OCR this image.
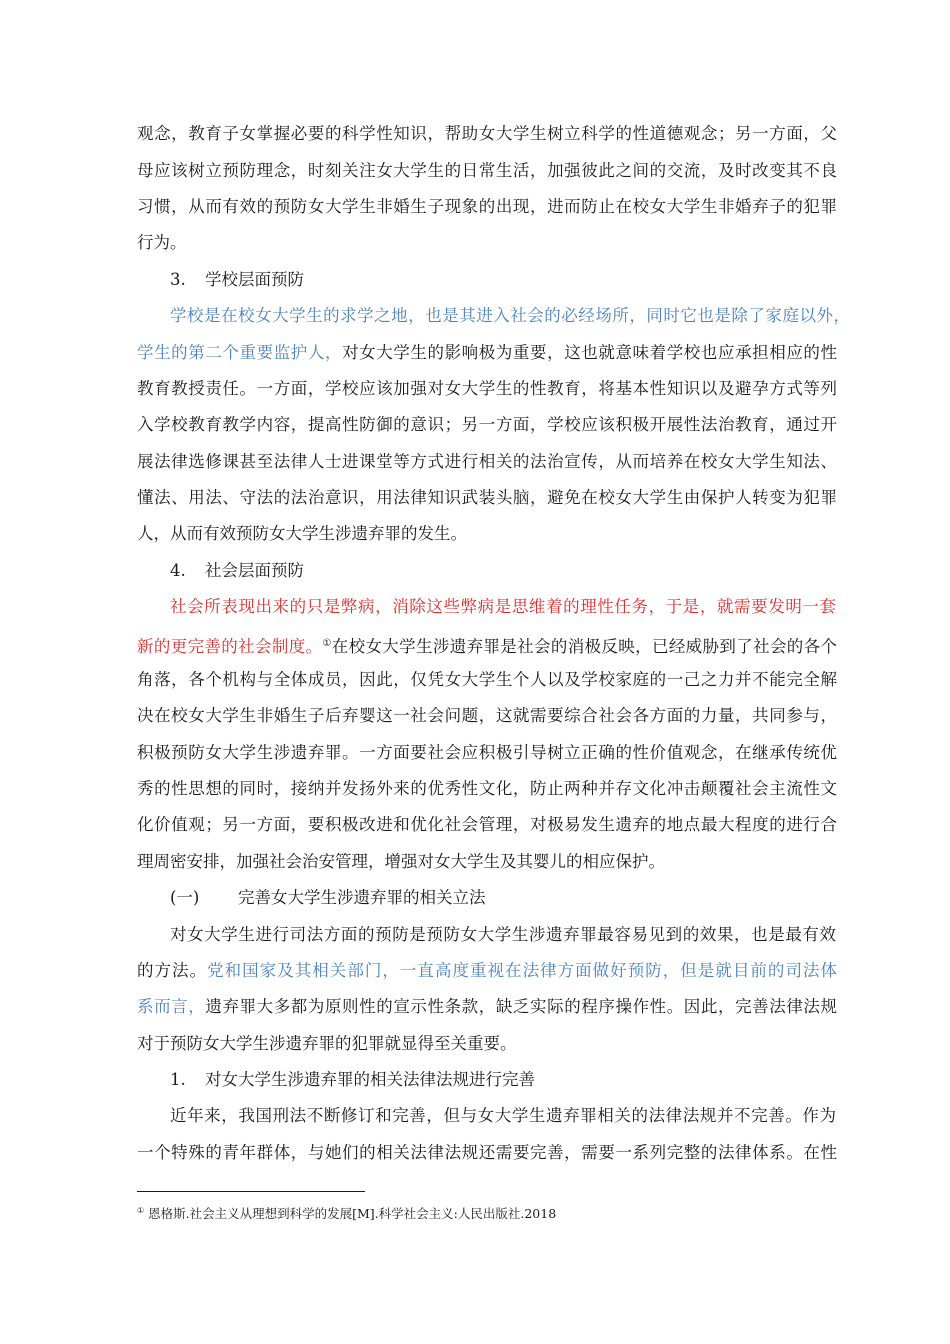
观念，教育子女掌握必要的科学性知识，帮助女大学生树立科学的性道德观念；另一方面，父
母应该树立预防理念，时刻关注女大学生的日常生活，加强彼此之间的交流，及时改变其不良
习惯，从而有效的预防女大学生非婚生子现象的出现，进而防止在校女大学生非婚弃子的犯罪
行为。
3. 学校层面预防
学校是在校女大学生的求学之地，也是其进入社会的必经场所，同时它也是除了家庭以外，
学生的第二个重要监护人，对女大学生的影响极为重要，这也就意味着学校也应承担相应的性
教育教授责任。一方面，学校应该加强对女大学生的性教育，将基本性知识以及避孕方式等列
入学校教育教学内容，提高性防御的意识；另一方面，学校应该积极开展性法治教育，通过开
展法律选修课甚至法律人士进课堂等方式进行相关的法治宣传，从而培养在校女大学生知法、
懂法、用法、守法的法治意识，用法律知识武装头脑，避免在校女大学生由保护人转变为犯罪
人，从而有效预防女大学生涉遗弃罪的发生。
4. 社会层面预防
社会所表现出来的只是弊病，消除这些弊病是思维着的理性任务，于是，就需要发明一套
新的更完善的社会制度。①在校女大学生涉遗弃罪是社会的消极反映，已经威胁到了社会的各个
角落，各个机构与全体成员，因此，仅凭女大学生个人以及学校家庭的一己之力并不能完全解
决在校女大学生非婚生子后弃婴这一社会问题，这就需要综合社会各方面的力量，共同参与，
积极预防女大学生涉遗弃罪。一方面要社会应积极引导树立正确的性价值观念，在继承传统优
秀的性思想的同时，接纳并发扬外来的优秀性文化，防止两种并存文化冲击颠覆社会主流性文
化价值观；另一方面，要积极改进和优化社会管理，对极易发生遗弃的地点最大程度的进行合
理周密安排，加强社会治安管理，增强对女大学生及其婴儿的相应保护。
(一) 完善女大学生涉遗弃罪的相关立法
对女大学生进行司法方面的预防是预防女大学生涉遗弃罪最容易见到的效果，也是最有效
的方法。党和国家及其相关部门，一直高度重视在法律方面做好预防，但是就目前的司法体
系而言，遗弃罪大多都为原则性的宣示性条款，缺乏实际的程序操作性。因此，完善法律法规
对于预防女大学生涉遗弃罪的犯罪就显得至关重要。
1. 对女大学生涉遗弃罪的相关法律法规进行完善
近年来，我国刑法不断修订和完善，但与女大学生遗弃罪相关的法律法规并不完善。作为
一个特殊的青年群体，与她们的相关法律法规还需要完善，需要一系列完整的法律体系。在性
① 恩格斯.社会主义从理想到科学的发展[M].科学社会主义:人民出版社.2018
